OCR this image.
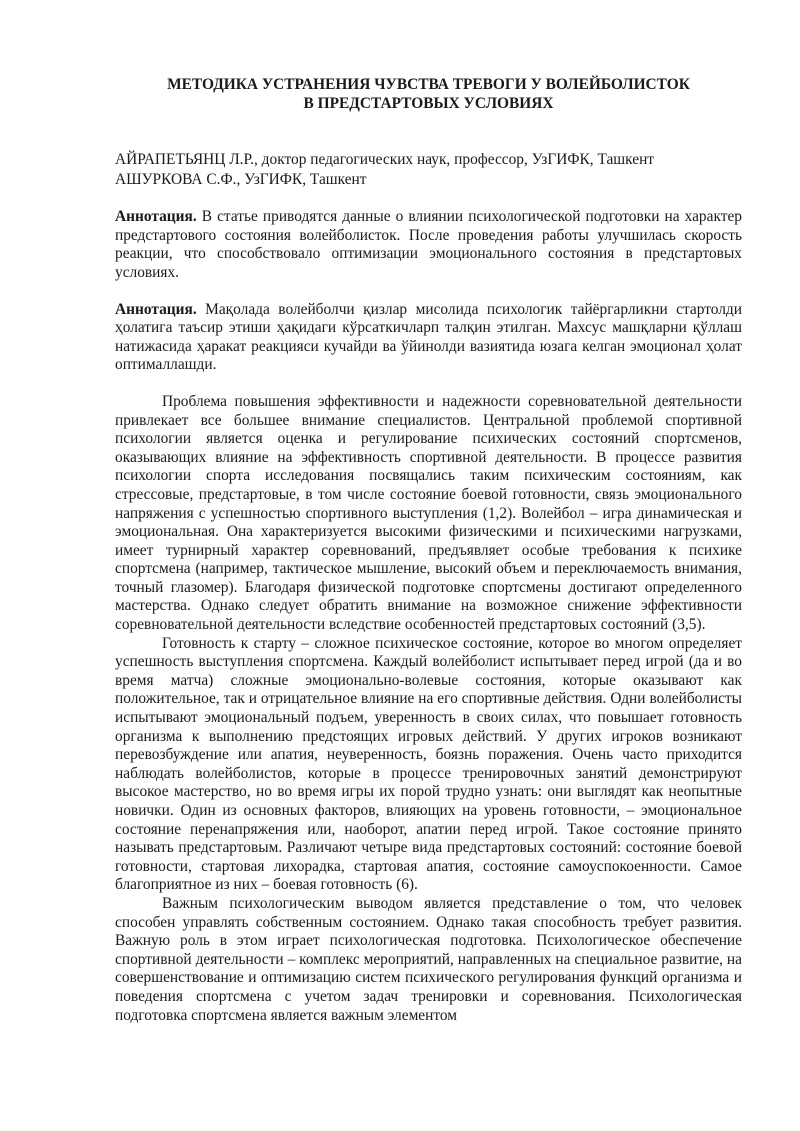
МЕТОДИКА УСТРАНЕНИЯ ЧУВСТВА ТРЕВОГИ У ВОЛЕЙБОЛИСТОК
В ПРЕДСТАРТОВЫХ УСЛОВИЯХ
АЙРАПЕТЬЯНЦ Л.Р., доктор педагогических наук, профессор, УзГИФК, Ташкент
АШУРКОВА С.Ф., УзГИФК, Ташкент

Аннотация. В статье приводятся данные о влиянии психологической подготовки на характер предстартового состояния волейболисток. После проведения работы улучшилась скорость реакции, что способствовало оптимизации эмоционального состояния в предстартовых условиях.

Аннотация. Мақолада волейболчи қизлар мисолида психологик тайёргарликни стартолди ҳолатига таъсир этиши ҳақидаги кўрсаткичларп талқин этилган. Махсус машқларни қўллаш натижасида ҳаракат реакцияси кучайди ва ўйинолди вазиятида юзага келган эмоционал ҳолат оптималлашди.

Проблема повышения эффективности и надежности соревновательной деятельности привлекает все большее внимание специалистов. Центральной проблемой спортивной психологии является оценка и регулирование психических состояний спортсменов, оказывающих влияние на эффективность спортивной деятельности. В процессе развития психологии спорта исследования посвящались таким психическим состояниям, как стрессовые, предстартовые, в том числе состояние боевой готовности, связь эмоционального напряжения с успешностью спортивного выступления (1,2). Волейбол – игра динамическая и эмоциональная. Она характеризуется высокими физическими и психическими нагрузками, имеет турнирный характер соревнований, предъявляет особые требования к психике спортсмена (например, тактическое мышление, высокий объем и переключаемость внимания, точный глазомер). Благодаря физической подготовке спортсмены достигают определенного мастерства. Однако следует обратить внимание на возможное снижение эффективности соревновательной деятельности вследствие особенностей предстартовых состояний (3,5).

Готовность к старту – сложное психическое состояние, которое во многом определяет успешность выступления спортсмена. Каждый волейболист испытывает перед игрой (да и во время матча) сложные эмоционально-волевые состояния, которые оказывают как положительное, так и отрицательное влияние на его спортивные действия. Одни волейболисты испытывают эмоциональный подъем, уверенность в своих силах, что повышает готовность организма к выполнению предстоящих игровых действий. У других игроков возникают перевозбуждение или апатия, неуверенность, боязнь поражения. Очень часто приходится наблюдать волейболистов, которые в процессе тренировочных занятий демонстрируют высокое мастерство, но во время игры их порой трудно узнать: они выглядят как неопытные новички. Один из основных факторов, влияющих на уровень готовности, – эмоциональное состояние перенапряжения или, наоборот, апатии перед игрой. Такое состояние принято называть предстартовым. Различают четыре вида предстартовых состояний: состояние боевой готовности, стартовая лихорадка, стартовая апатия, состояние самоуспокоенности. Самое благоприятное из них – боевая готовность (6).

Важным психологическим выводом является представление о том, что человек способен управлять собственным состоянием. Однако такая способность требует развития. Важную роль в этом играет психологическая подготовка. Психологическое обеспечение спортивной деятельности – комплекс мероприятий, направленных на специальное развитие, на совершенствование и оптимизацию систем психического регулирования функций организма и поведения спортсмена с учетом задач тренировки и соревнования. Психологическая подготовка спортсмена является важным элементом
